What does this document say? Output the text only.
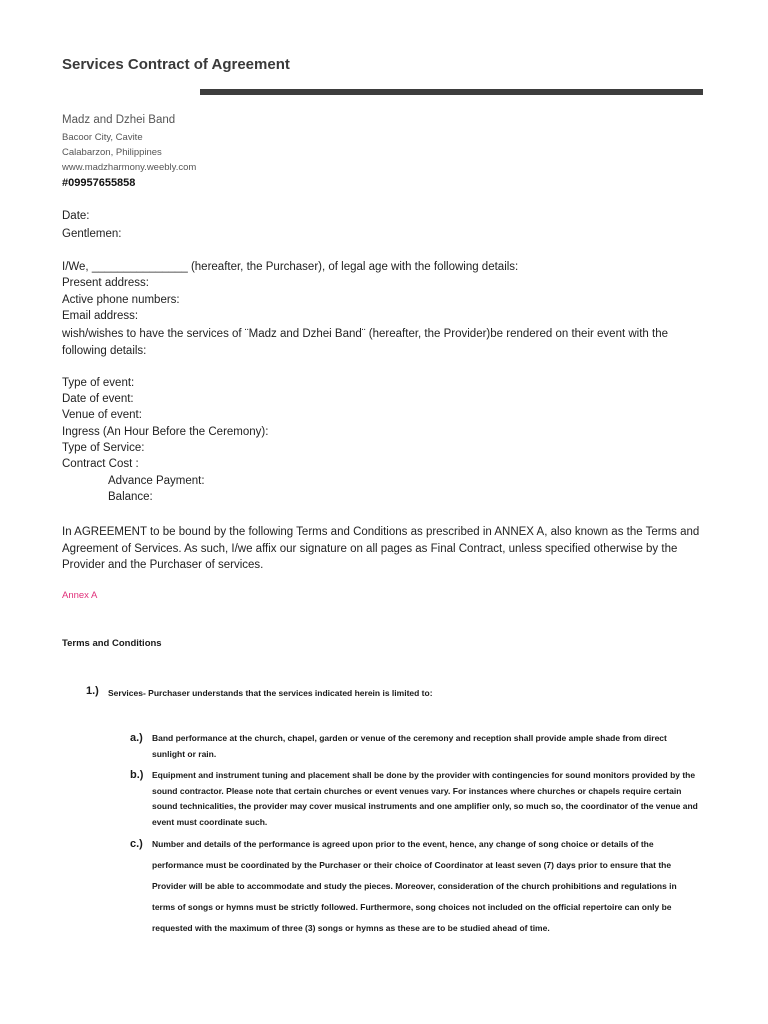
Services Contract of Agreement
Madz and Dzhei Band
Bacoor City, Cavite
Calabarzon, Philippines
www.madzharmony.weebly.com
#09957655858
Date:
Gentlemen:
I/We, _______________ (hereafter, the Purchaser), of legal age with the following details:
Present address:
Active phone numbers:
Email address:
wish/wishes to have the services of ¨Madz and Dzhei Band¨ (hereafter, the Provider)be rendered on their event with the following details:
Type of event:
Date of event:
Venue of event:
Ingress (An Hour Before the Ceremony):
Type of Service:
Contract Cost :
Advance Payment:
Balance:
In AGREEMENT to be bound by the following Terms and Conditions as prescribed in ANNEX A, also known as the Terms and Agreement of Services. As such, I/we affix our signature on all pages as Final Contract, unless specified otherwise by the Provider and the Purchaser of services.
Annex A
Terms and Conditions
1.) Services- Purchaser understands that the services indicated herein is limited to:
a.) Band performance at the church, chapel, garden or venue of the ceremony and reception shall provide ample shade from direct sunlight or rain.
b.) Equipment and instrument tuning and placement shall be done by the provider with contingencies for sound monitors provided by the sound contractor. Please note that certain churches or event venues vary. For instances where churches or chapels require certain sound technicalities, the provider may cover musical instruments and one amplifier only, so much so, the coordinator of the venue and event must coordinate such.
c.) Number and details of the performance is agreed upon prior to the event, hence, any change of song choice or details of the performance must be coordinated by the Purchaser or their choice of Coordinator at least seven (7) days prior to ensure that the Provider will be able to accommodate and study the pieces. Moreover, consideration of the church prohibitions and regulations in terms of songs or hymns must be strictly followed. Furthermore, song choices not included on the official repertoire can only be requested with the maximum of three (3) songs or hymns as these are to be studied ahead of time.
